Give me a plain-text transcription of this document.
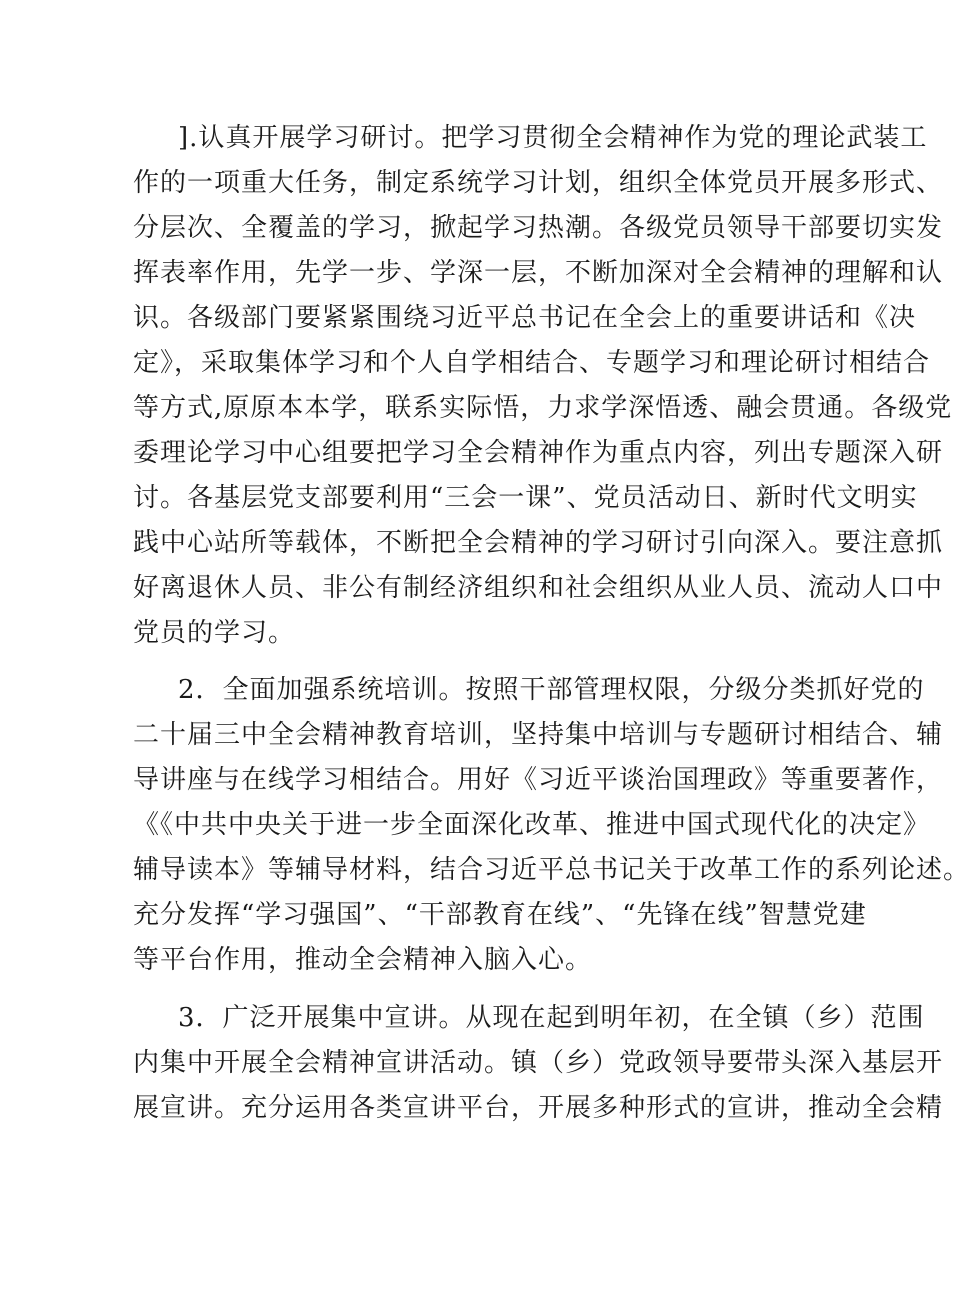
].认真开展学习研讨。把学习贯彻全会精神作为党的理论武装工
作的一项重大任务，制定系统学习计划，组织全体党员开展多形式、
分层次、全覆盖的学习，掀起学习热潮。各级党员领导干部要切实发
挥表率作用，先学一步、学深一层，不断加深对全会精神的理解和认
识。各级部门要紧紧围绕习近平总书记在全会上的重要讲话和《决
定》，采取集体学习和个人自学相结合、专题学习和理论研讨相结合
等方式,原原本本学，联系实际悟，力求学深悟透、融会贯通。各级党
委理论学习中心组要把学习全会精神作为重点内容，列出专题深入研
讨。各基层党支部要利用“三会一课”、党员活动日、新时代文明实
践中心站所等载体，不断把全会精神的学习研讨引向深入。要注意抓
好离退休人员、非公有制经济组织和社会组织从业人员、流动人口中
党员的学习。
2．全面加强系统培训。按照干部管理权限，分级分类抓好党的
二十届三中全会精神教育培训，坚持集中培训与专题研讨相结合、辅
导讲座与在线学习相结合。用好《习近平谈治国理政》等重要著作，
《《中共中央关于进一步全面深化改革、推进中国式现代化的决定》
辅导读本》等辅导材料，结合习近平总书记关于改革工作的系列论述。
充分发挥“学习强国”、“干部教育在线”、“先锋在线”智慧党建
等平台作用，推动全会精神入脑入心。
3．广泛开展集中宣讲。从现在起到明年初，在全镇（乡）范围
内集中开展全会精神宣讲活动。镇（乡）党政领导要带头深入基层开
展宣讲。充分运用各类宣讲平台，开展多种形式的宣讲，推动全会精
